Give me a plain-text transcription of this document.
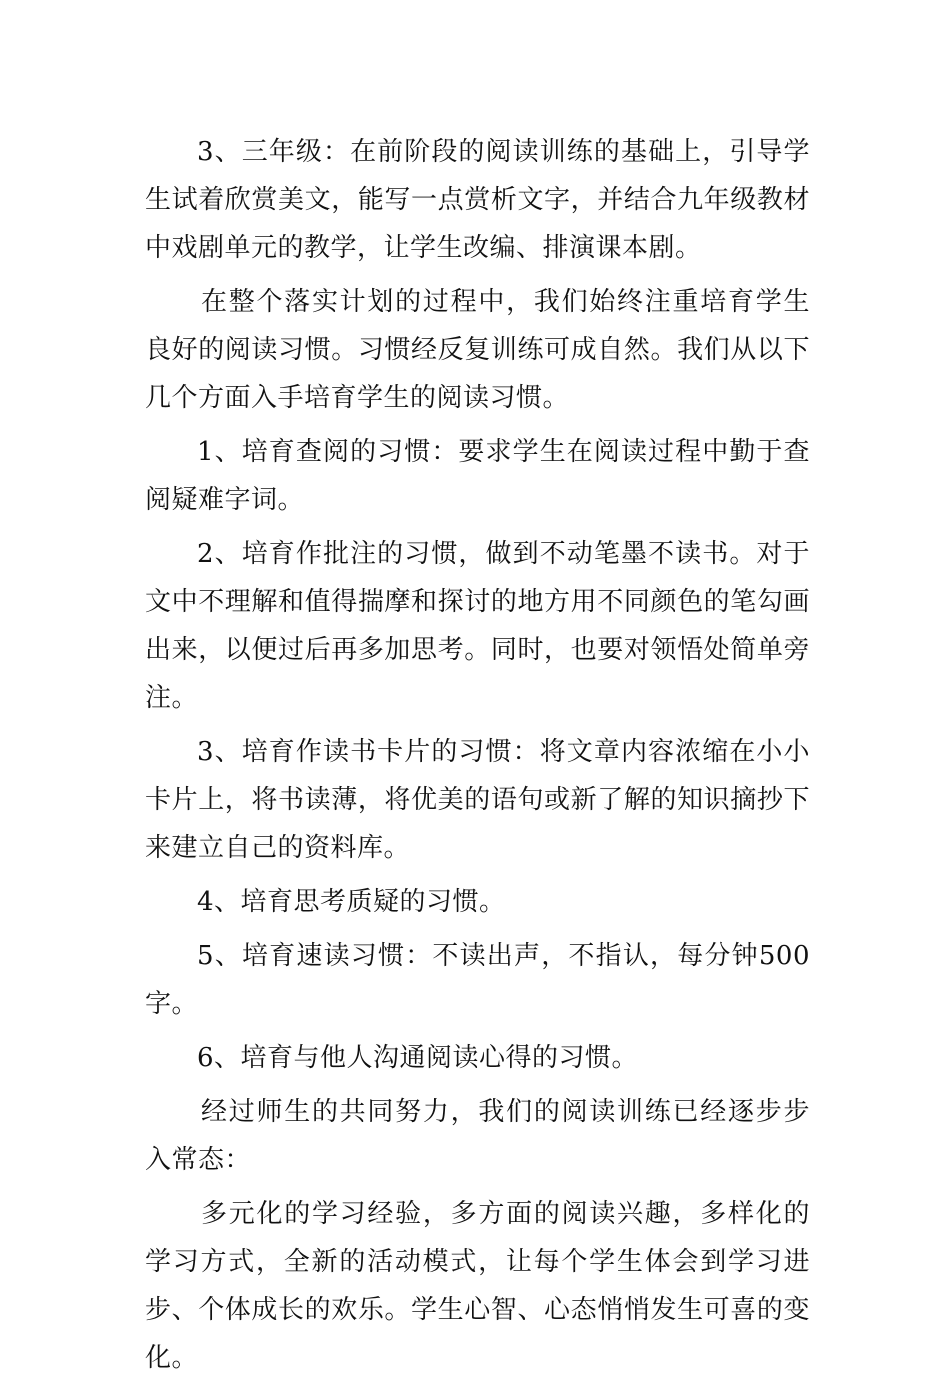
3、三年级：在前阶段的阅读训练的基础上，引导学生试着欣赏美文，能写一点赏析文字，并结合九年级教材中戏剧单元的教学，让学生改编、排演课本剧。

在整个落实计划的过程中，我们始终注重培育学生良好的阅读习惯。习惯经反复训练可成自然。我们从以下几个方面入手培育学生的阅读习惯。

1、培育查阅的习惯：要求学生在阅读过程中勤于查阅疑难字词。

2、培育作批注的习惯，做到不动笔墨不读书。对于文中不理解和值得揣摩和探讨的地方用不同颜色的笔勾画出来，以便过后再多加思考。同时，也要对领悟处简单旁注。

3、培育作读书卡片的习惯：将文章内容浓缩在小小卡片上，将书读薄，将优美的语句或新了解的知识摘抄下来建立自己的资料库。

4、培育思考质疑的习惯。

5、培育速读习惯：不读出声，不指认，每分钟500字。

6、培育与他人沟通阅读心得的习惯。

经过师生的共同努力，我们的阅读训练已经逐步步入常态：

多元化的学习经验，多方面的阅读兴趣，多样化的学习方式，全新的活动模式，让每个学生体会到学习进步、个体成长的欢乐。学生心智、心态悄悄发生可喜的变化。
